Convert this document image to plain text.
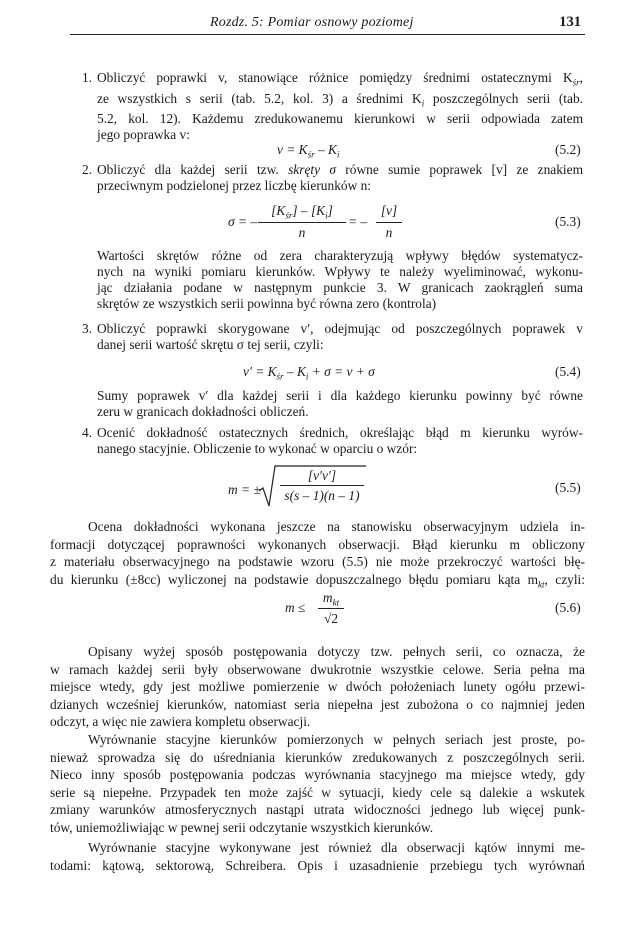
Rozdz. 5: Pomiar osnowy poziomej	131
1. Obliczyć poprawki v, stanowiące różnice pomiędzy średnimi ostatecznymi $K_{śr}$,
ze wszystkich s serii (tab. 5.2, kol. 3) a średnimi $K_i$ poszczególnych serii (tab.
5.2, kol. 12). Każdemu zredukowanemu kierunkowi w serii odpowiada zatem
jego poprawka v:
$v = K_{śr} - K_i$	(5.2)
2. Obliczyć dla każdej serii tzw. skręty σ równe sumie poprawek [v] ze znakiem
przeciwnym podzielonej przez liczbę kierunków n:
σ = –
$[K_{śr}] - [K_i]$
n
= –
[v]
n
(5.3)
Wartości skrętów różne od zera charakteryzują wpływy błędów systematycz-
nych na wyniki pomiaru kierunków. Wpływy te należy wyeliminować, wykonu-
jąc działania podane w następnym punkcie 3. W granicach zaokrągleń suma
skrętów ze wszystkich serii powinna być równa zero (kontrola)
3. Obliczyć poprawki skorygowane v′, odejmując od poszczególnych poprawek v
danej serii wartość skrętu σ tej serii, czyli:
$v' = K_{śr} - K_i + \sigma = v + \sigma$	(5.4)
Sumy poprawek v′ dla każdej serii i dla każdego kierunku powinny być równe
zeru w granicach dokładności obliczeń.
4. Ocenić dokładność ostatecznych średnich, określając błąd m kierunku wyrów-
nanego stacyjnie. Obliczenie to wykonać w oparciu o wzór:
m = ±
[v′v′]
s(s – 1)(n – 1)
(5.5)
Ocena dokładności wykonana jeszcze na stanowisku obserwacyjnym udziela in-
formacji dotyczącej poprawności wykonanych obserwacji. Błąd kierunku m obliczony
z materiału obserwacyjnego na podstawie wzoru (5.5) nie może przekroczyć wartości błę-
du kierunku (±8cc) wyliczonej na podstawie dopuszczalnego błędu pomiaru kąta $m_{kt}$, czyli:
m ≤
$m_{kt}$
√2
(5.6)
Opisany wyżej sposób postępowania dotyczy tzw. pełnych serii, co oznacza, że
w ramach każdej serii były obserwowane dwukrotnie wszystkie celowe. Seria pełna ma
miejsce wtedy, gdy jest możliwe pomierzenie w dwóch położeniach lunety ogółu przewi-
dzianych wcześniej kierunków, natomiast seria niepełna jest zubożona o co najmniej jeden
odczyt, a więc nie zawiera kompletu obserwacji.
Wyrównanie stacyjne kierunków pomierzonych w pełnych seriach jest proste, po-
nieważ sprowadza się do uśredniania kierunków zredukowanych z poszczególnych serii.
Nieco inny sposób postępowania podczas wyrównania stacyjnego ma miejsce wtedy, gdy
serie są niepełne. Przypadek ten może zajść w sytuacji, kiedy cele są dalekie a wskutek
zmiany warunków atmosferycznych nastąpi utrata widoczności jednego lub więcej punk-
tów, uniemożliwiając w pewnej serii odczytanie wszystkich kierunków.
Wyrównanie stacyjne wykonywane jest również dla obserwacji kątów innymi me-
todami: kątową, sektorową, Schreibera. Opis i uzasadnienie przebiegu tych wyrównań
